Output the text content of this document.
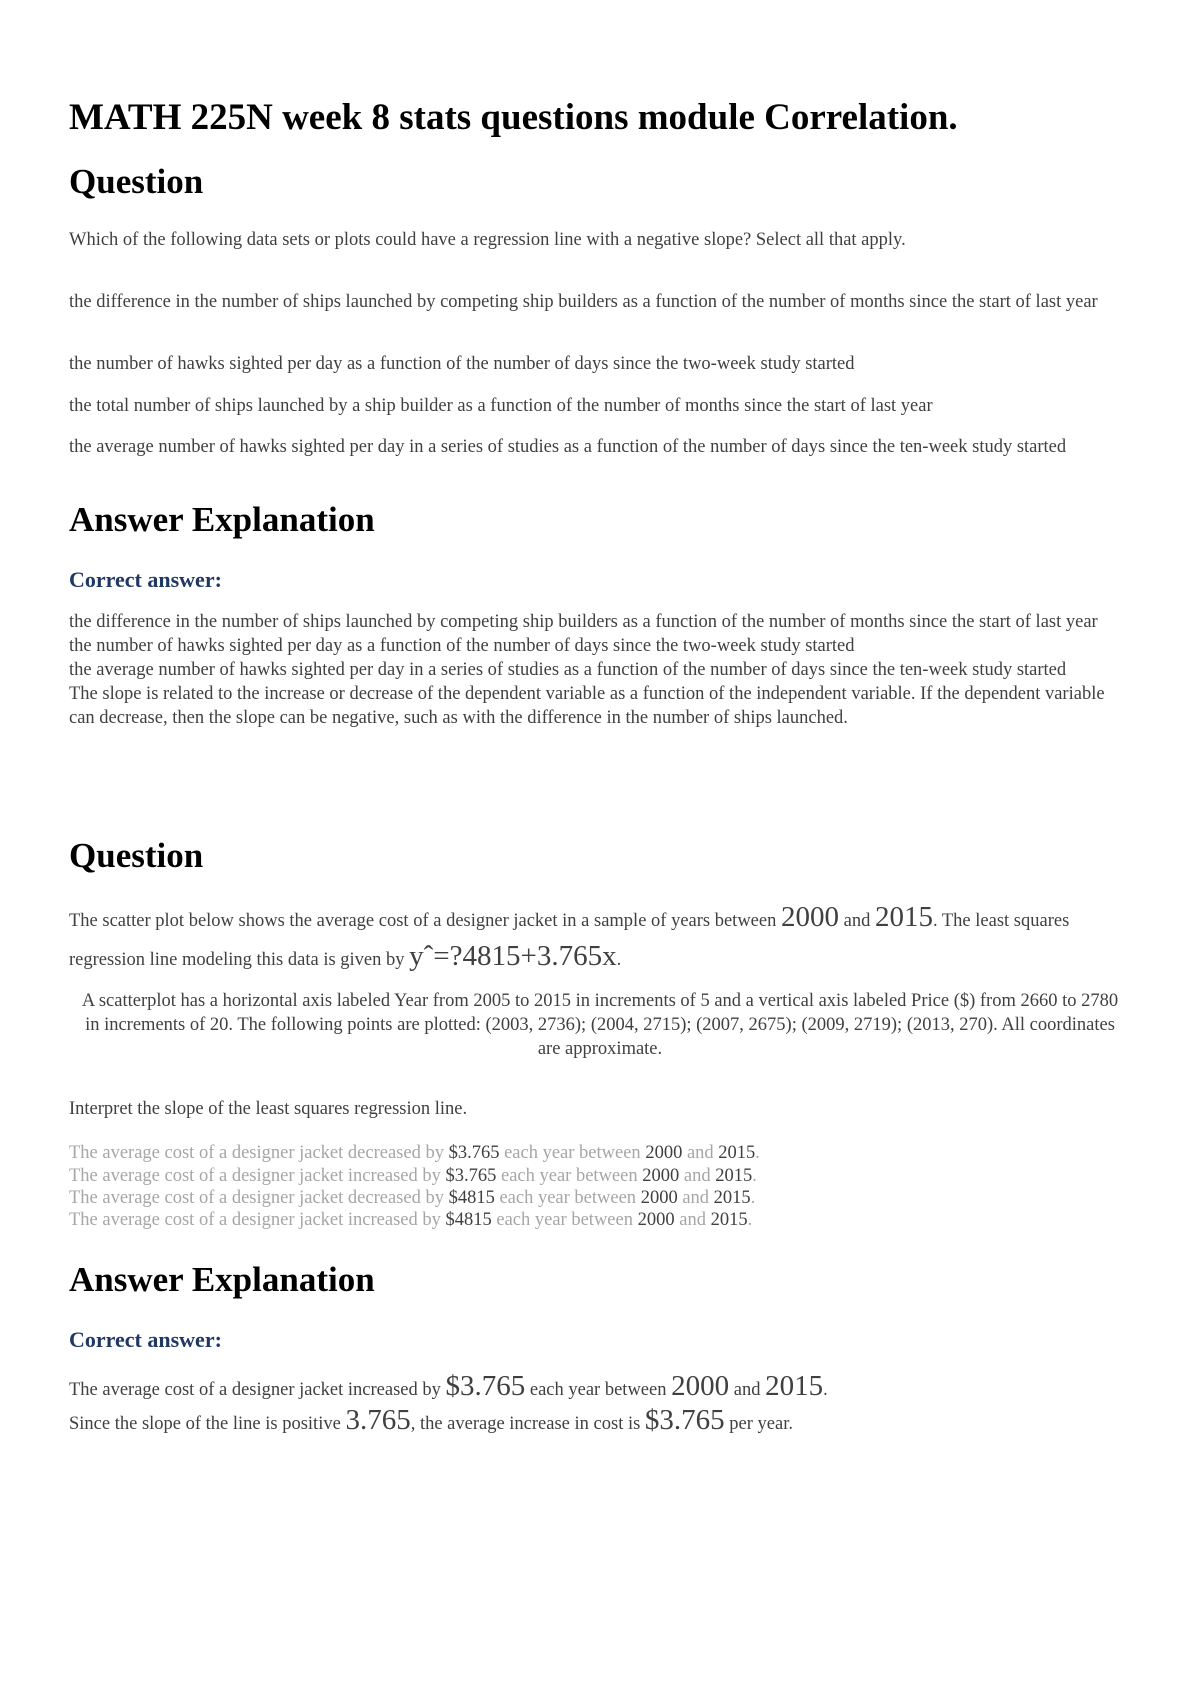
MATH 225N week 8 stats questions module Correlation.
Question

Which of the following data sets or plots could have a regression line with a negative slope? Select all that apply.

the difference in the number of ships launched by competing ship builders as a function of the number of months since the start of last year

the number of hawks sighted per day as a function of the number of days since the two-week study started

the total number of ships launched by a ship builder as a function of the number of months since the start of last year

the average number of hawks sighted per day in a series of studies as a function of the number of days since the ten-week study started

Answer Explanation
Correct answer:
the difference in the number of ships launched by competing ship builders as a function of the number of months since the start of last year
the number of hawks sighted per day as a function of the number of days since the two-week study started
the average number of hawks sighted per day in a series of studies as a function of the number of days since the ten-week study started
The slope is related to the increase or decrease of the dependent variable as a function of the independent variable. If the dependent variable can decrease, then the slope can be negative, such as with the difference in the number of ships launched.
Question

The scatter plot below shows the average cost of a designer jacket in a sample of years between 2000 and 2015. The least squares regression line modeling this data is given by yˆ=?4815+3.765x.

A scatterplot has a horizontal axis labeled Year from 2005 to 2015 in increments of 5 and a vertical axis labeled Price ($) from 2660 to 2780 in increments of 20. The following points are plotted: (2003, 2736); (2004, 2715); (2007, 2675); (2009, 2719); (2013, 270). All coordinates are approximate.

Interpret the slope of the least squares regression line.

The average cost of a designer jacket decreased by $3.765 each year between 2000 and 2015.
The average cost of a designer jacket increased by $3.765 each year between 2000 and 2015.
The average cost of a designer jacket decreased by $4815 each year between 2000 and 2015.
The average cost of a designer jacket increased by $4815 each year between 2000 and 2015.
Answer Explanation
Correct answer:

The average cost of a designer jacket increased by $3.765 each year between 2000 and 2015.

Since the slope of the line is positive 3.765, the average increase in cost is $3.765 per year.
